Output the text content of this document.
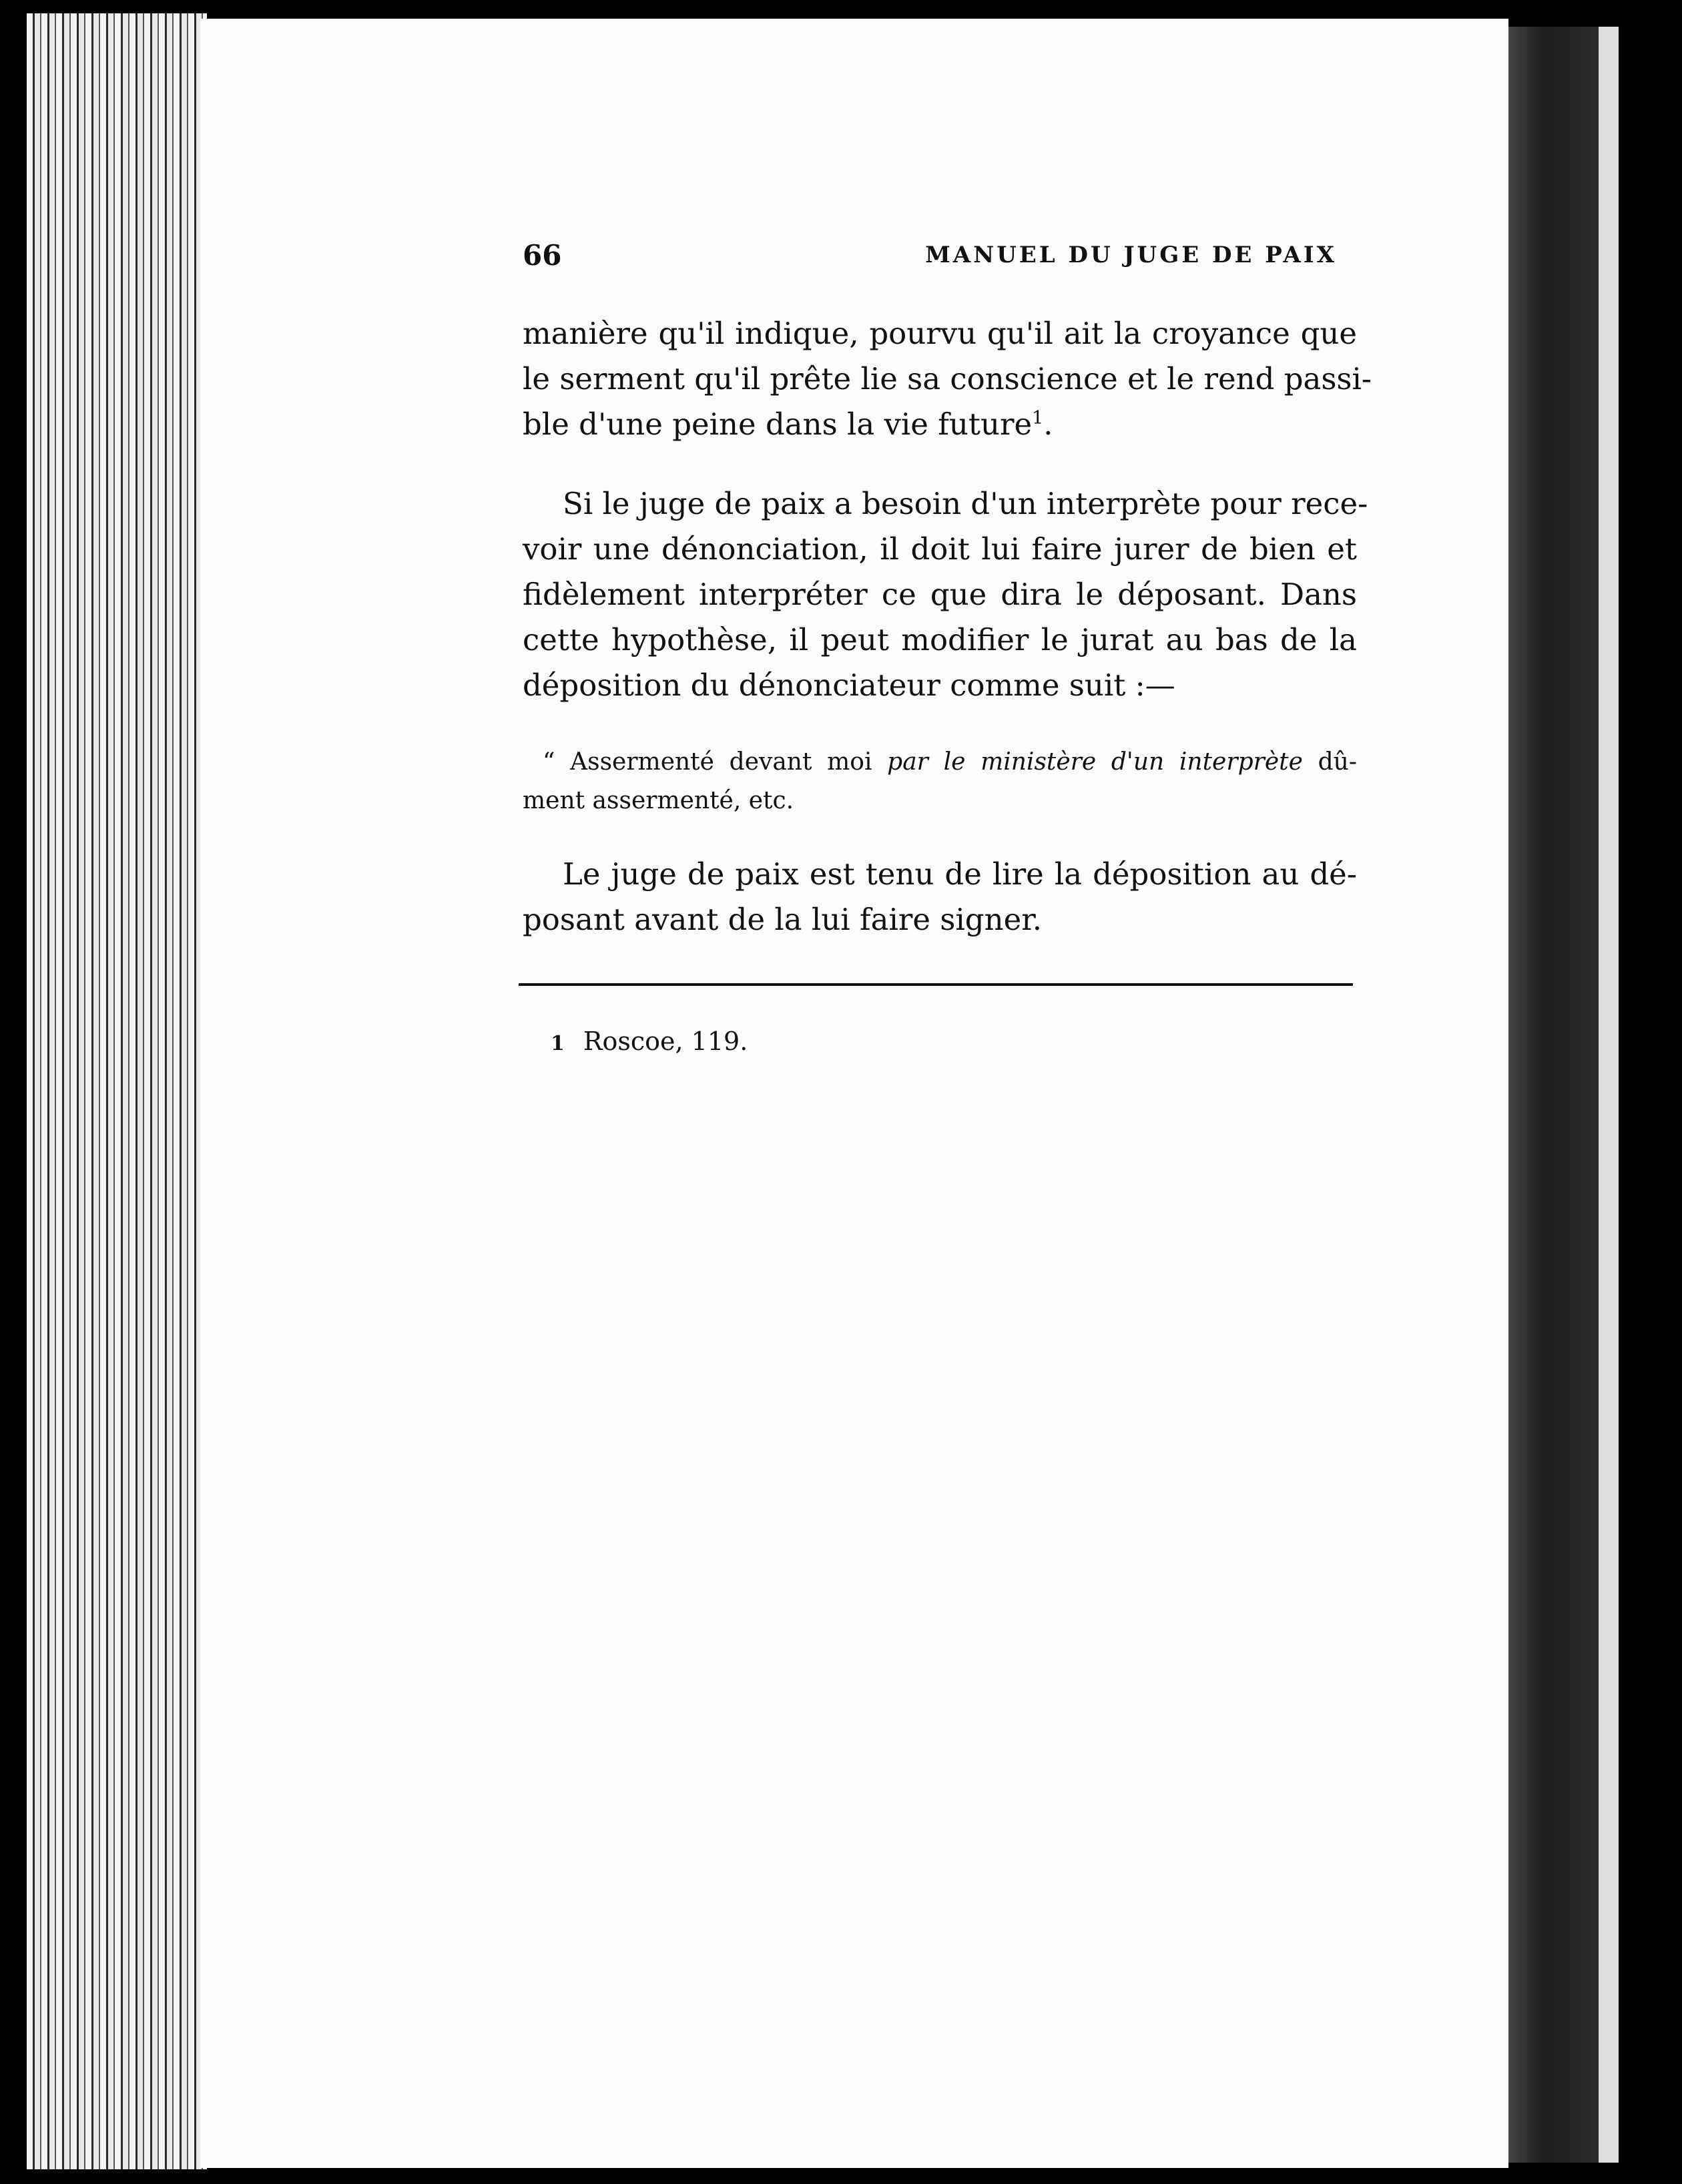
66	MANUEL DU JUGE DE PAIX
manière qu'il indique, pourvu qu'il ait la croyance que
le serment qu'il prête lie sa conscience et le rend passi-
ble d'une peine dans la vie future$^1$.
Si le juge de paix a besoin d'un interprète pour rece-
voir une dénonciation, il doit lui faire jurer de bien et
fidèlement interpréter ce que dira le déposant. Dans
cette hypothèse, il peut modifier le jurat au bas de la
déposition du dénonciateur comme suit :—
“ Assermenté devant moi par le ministère d'un interprète dû-
ment assermenté, etc.
Le juge de paix est tenu de lire la déposition au dé-
posant avant de la lui faire signer.
1 Roscoe, 119.
